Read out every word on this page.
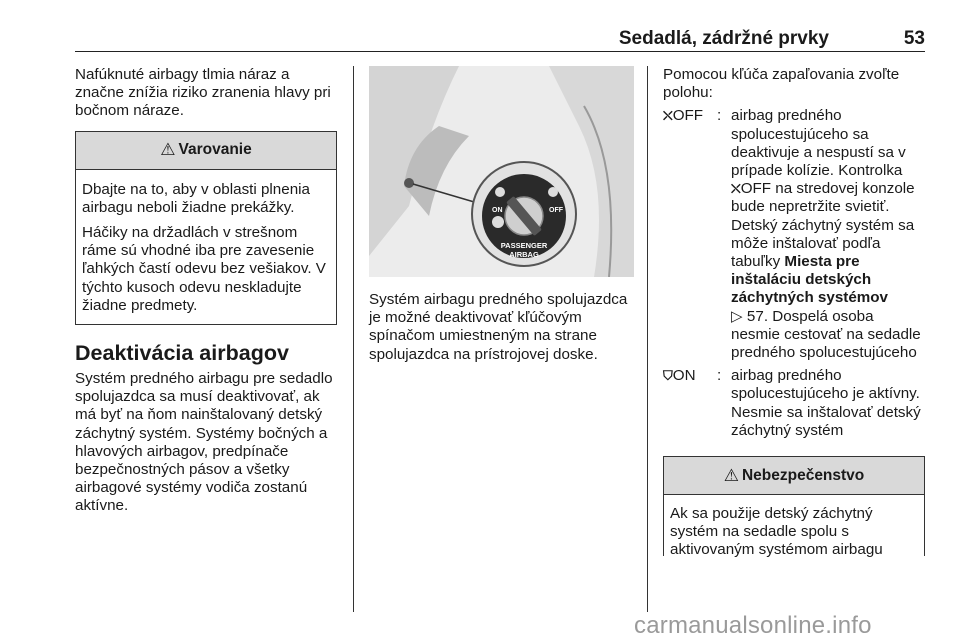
Sedadlá, zádržné prvky	53

Nafúknuté airbagy tlmia náraz a značne znížia riziko zranenia hlavy pri bočnom náraze.

⚠ Varovanie

Dbajte na to, aby v oblasti plnenia airbagu neboli žiadne prekážky.

Háčiky na držadlách v strešnom ráme sú vhodné iba pre zavesenie ľahkých častí odevu bez vešiakov. V týchto kusoch odevu neskladujte žiadne predmety.

Deaktivácia airbagov

Systém predného airbagu pre sedadlo spolujazdca sa musí deaktivovať, ak má byť na ňom nainštalovaný detský záchytný systém. Systémy bočných a hlavových airbagov, predpínače bezpečnostných pásov a všetky airbagové systémy vodiča zostanú aktívne.

ON	OFF
PASSENGER
AIRBAG

Systém airbagu predného spolujazdca je možné deaktivovať kľúčovým spínačom umiestneným na strane spolujazdca na prístrojovej doske.

Pomocou kľúča zapaľovania zvoľte polohu:

⛌OFF : airbag predného spolucestujúceho sa deaktivuje a nespustí sa v prípade kolízie. Kontrolka
⛌OFF na stredovej konzole bude nepretržite svietiť. Detský záchytný systém sa môže inštalovať podľa tabuľky Miesta pre inštaláciu detských záchytných systémov
▷ 57. Dospelá osoba nesmie cestovať na sedadle predného spolucestujúceho
⛉ON	: airbag predného spolucestujúceho je aktívny. Nesmie sa inštalovať detský záchytný systém
⚠ Nebezpečenstvo
Ak sa použije detský záchytný systém na sedadle spolu s aktivovaným systémom airbagu
carmanualsonline.info
